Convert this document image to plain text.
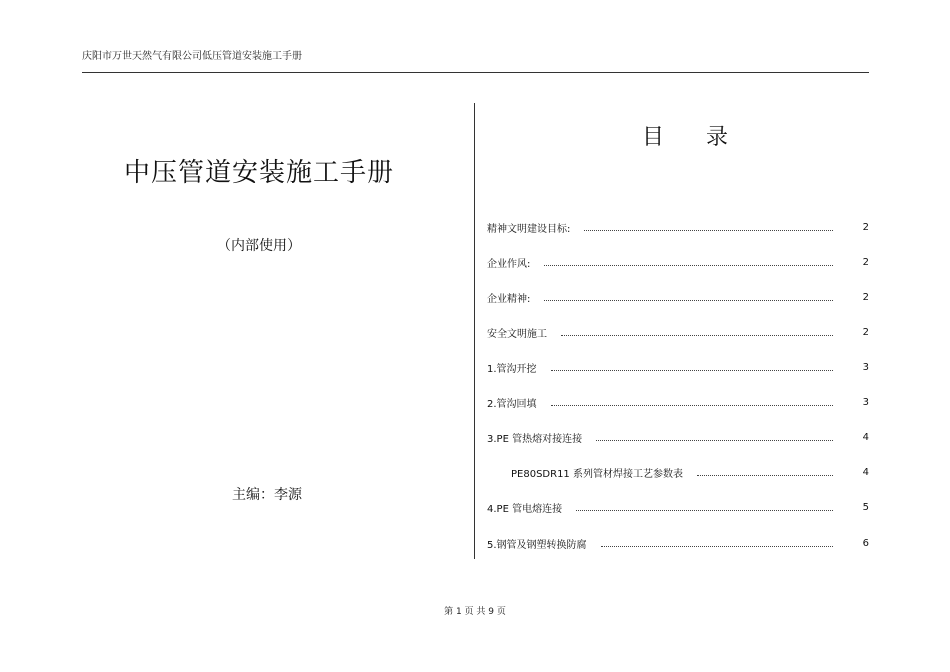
庆阳市万世天然气有限公司低压管道安装施工手册
中压管道安装施工手册
（内部使用）
主编：李源
目 录
精神文明建设目标:	2
企业作风:	2
企业精神:	2
安全文明施工	2
1.管沟开挖	3
2.管沟回填	3
3.PE 管热熔对接连接	4
PE80SDR11 系列管材焊接工艺参数表	4
4.PE 管电熔连接	5
5.钢管及钢塑转换防腐	6
第 1 页 共 9 页
